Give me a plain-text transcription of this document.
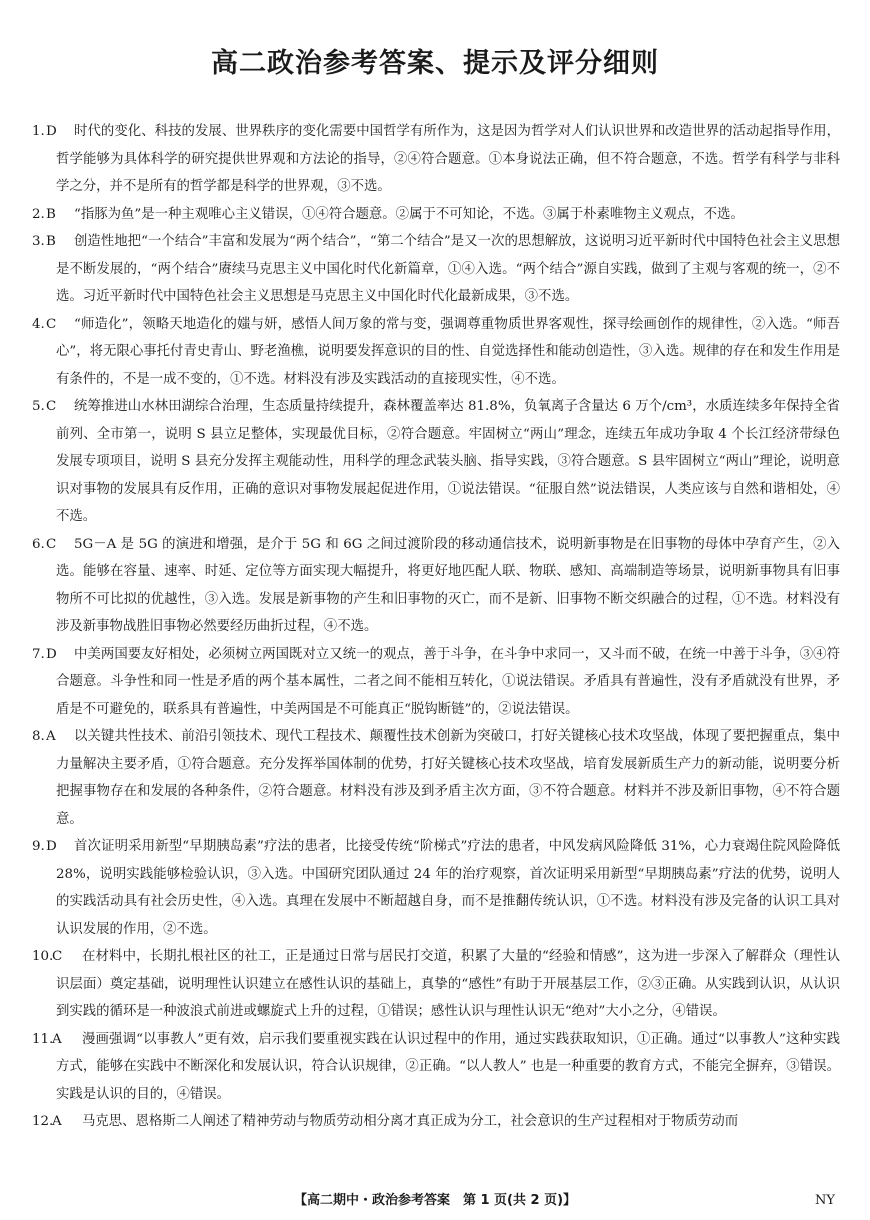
高二政治参考答案、提示及评分细则
1. D	时代的变化、科技的发展、世界秩序的变化需要中国哲学有所作为，这是因为哲学对人们认识世界和改造世界的活动起指导作用，哲学能够为具体科学的研究提供世界观和方法论的指导，②④符合题意。①本身说法正确，但不符合题意，不选。哲学有科学与非科学之分，并不是所有的哲学都是科学的世界观，③不选。
2. B	“指豚为鱼”是一种主观唯心主义错误，①④符合题意。②属于不可知论，不选。③属于朴素唯物主义观点，不选。
3. B	创造性地把“一个结合”丰富和发展为“两个结合”，“第二个结合”是又一次的思想解放，这说明习近平新时代中国特色社会主义思想是不断发展的，“两个结合”赓续马克思主义中国化时代化新篇章，①④入选。“两个结合”源自实践，做到了主观与客观的统一，②不选。习近平新时代中国特色社会主义思想是马克思主义中国化时代化最新成果，③不选。
4. C	“师造化”，领略天地造化的媸与妍，感悟人间万象的常与变，强调尊重物质世界客观性，探寻绘画创作的规律性，②入选。“师吾心”，将无限心事托付青史青山、野老渔樵，说明要发挥意识的目的性、自觉选择性和能动创造性，③入选。规律的存在和发生作用是有条件的，不是一成不变的，①不选。材料没有涉及实践活动的直接现实性，④不选。
5. C	统筹推进山水林田湖综合治理，生态质量持续提升，森林覆盖率达 81.8%，负氧离子含量达 6 万个/cm³，水质连续多年保持全省前列、全市第一，说明 S 县立足整体，实现最优目标，②符合题意。牢固树立“两山”理念，连续五年成功争取 4 个长江经济带绿色发展专项项目，说明 S 县充分发挥主观能动性，用科学的理念武装头脑、指导实践，③符合题意。S 县牢固树立“两山”理论，说明意识对事物的发展具有反作用，正确的意识对事物发展起促进作用，①说法错误。“征服自然”说法错误，人类应该与自然和谐相处，④不选。
6. C	5G－A 是 5G 的演进和增强，是介于 5G 和 6G 之间过渡阶段的移动通信技术，说明新事物是在旧事物的母体中孕育产生，②入选。能够在容量、速率、时延、定位等方面实现大幅提升，将更好地匹配人联、物联、感知、高端制造等场景，说明新事物具有旧事物所不可比拟的优越性，③入选。发展是新事物的产生和旧事物的灭亡，而不是新、旧事物不断交织融合的过程，①不选。材料没有涉及新事物战胜旧事物必然要经历曲折过程，④不选。
7. D	中美两国要友好相处，必须树立两国既对立又统一的观点，善于斗争，在斗争中求同一，又斗而不破，在统一中善于斗争，③④符合题意。斗争性和同一性是矛盾的两个基本属性，二者之间不能相互转化，①说法错误。矛盾具有普遍性，没有矛盾就没有世界，矛盾是不可避免的，联系具有普遍性，中美两国是不可能真正“脱钩断链”的，②说法错误。
8. A	以关键共性技术、前沿引领技术、现代工程技术、颠覆性技术创新为突破口，打好关键核心技术攻坚战，体现了要把握重点，集中力量解决主要矛盾，①符合题意。充分发挥举国体制的优势，打好关键核心技术攻坚战，培育发展新质生产力的新动能，说明要分析把握事物存在和发展的各种条件，②符合题意。材料没有涉及到矛盾主次方面，③不符合题意。材料并不涉及新旧事物，④不符合题意。
9. D	首次证明采用新型“早期胰岛素”疗法的患者，比接受传统“阶梯式”疗法的患者，中风发病风险降低 31%，心力衰竭住院风险降低 28%，说明实践能够检验认识，③入选。中国研究团队通过 24 年的治疗观察，首次证明采用新型“早期胰岛素”疗法的优势，说明人的实践活动具有社会历史性，④入选。真理在发展中不断超越自身，而不是推翻传统认识，①不选。材料没有涉及完备的认识工具对认识发展的作用，②不选。
10.
C	在材料中，长期扎根社区的社工，正是通过日常与居民打交道，积累了大量的“经验和情感”，这为进一步深入了解群众（理性认识层面）奠定基础，说明理性认识建立在感性认识的基础上，真挚的“感性”有助于开展基层工作，②③正确。从实践到认识，从认识到实践的循环是一种波浪式前进或螺旋式上升的过程，①错误；感性认识与理性认识无“绝对”大小之分，④错误。
11.
A	漫画强调“以事教人”更有效，启示我们要重视实践在认识过程中的作用，通过实践获取知识，①正确。通过“以事教人”这种实践方式，能够在实践中不断深化和发展认识，符合认识规律，②正确。“以人教人” 也是一种重要的教育方式，不能完全摒弃，③错误。实践是认识的目的，④错误。
12.
A	马克思、恩格斯二人阐述了精神劳动与物质劳动相分离才真正成为分工，社会意识的生产过程相对于物质劳动而
【高二期中・政治参考答案　第 1 页(共 2 页)】	NY
